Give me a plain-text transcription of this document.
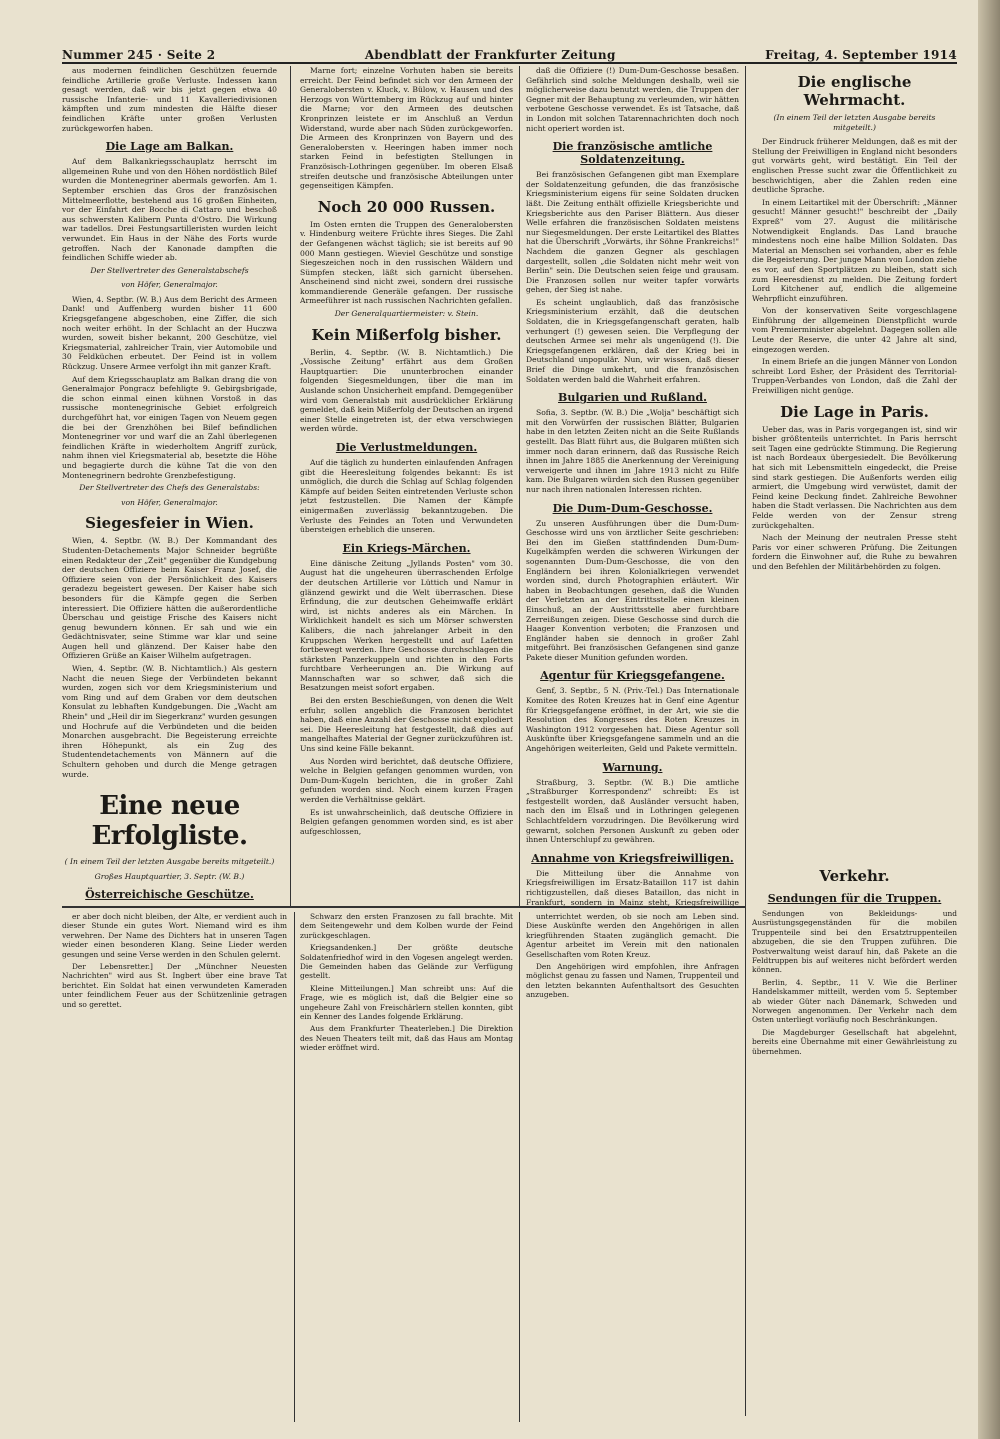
Nummer 245 · Seite 2	Abendblatt der Frankfurter Zeitung	Freitag, 4. September 1914

aus modernen feindlichen Geschützen feuernde feindliche Artillerie große Verluste. Indessen kann gesagt werden, daß wir bis jetzt gegen etwa 40 russische Infanterie- und 11 Kavalleriedivisionen kämpften und zum mindesten die Hälfte dieser feindlichen Kräfte unter großen Verlusten zurückgeworfen haben.

Die Lage am Balkan.

Auf dem Balkankriegsschauplatz herrscht im allgemeinen Ruhe und von den Höhen nordöstlich Bilef wurden die Montenegriner abermals geworfen. Am 1. September erschien das Gros der französischen Mittelmeerflotte, bestehend aus 16 großen Einheiten, vor der Einfahrt der Bocche di Cattaro und beschoß aus schwersten Kalibern Punta d'Ostro. Die Wirkung war tadellos. Drei Festungsartilleristen wurden leicht verwundet. Ein Haus in der Nähe des Forts wurde getroffen. Nach der Kanonade dampften die feindlichen Schiffe wieder ab.

Der Stellvertreter des Generalstabschefs
von Höfer, Generalmajor.

Wien, 4. Septbr. (W. B.) Aus dem Bericht des Armeen Dank! und Auffenberg wurden bisher 11 600 Kriegsgefangene abgeschoben, eine Ziffer, die sich noch weiter erhöht. In der Schlacht an der Huczwa wurden, soweit bisher bekannt, 200 Geschütze, viel Kriegsmaterial, zahlreicher Train, vier Automobile und 30 Feldküchen erbeutet. Der Feind ist in vollem Rückzug. Unsere Armee verfolgt ihn mit ganzer Kraft.

Auf dem Kriegsschauplatz am Balkan drang die von Generalmajor Pongracz befehligte 9. Gebirgsbrigade, die schon einmal einen kühnen Vorstoß in das russische montenegrinische Gebiet erfolgreich durchgeführt hat, vor einigen Tagen von Neuem gegen die bei der Grenzhöhen bei Bilef befindlichen Montenegriner vor und warf die an Zahl überlegenen feindlichen Kräfte in wiederholtem Angriff zurück, nahm ihnen viel Kriegsmaterial ab, besetzte die Höhe und begagierte durch die kühne Tat die von den Montenegrinern bedrohte Grenzbefestigung.

Der Stellvertreter des Chefs des Generalstabs:
von Höfer, Generalmajor.
Siegesfeier in Wien.

Wien, 4. Septbr. (W. B.) Der Kommandant des Studenten-Detachements Major Schneider begrüßte einen Redakteur der „Zeit" gegenüber die Kundgebung der deutschen Offiziere beim Kaiser Franz Josef, die Offiziere seien von der Persönlichkeit des Kaisers geradezu begeistert gewesen. Der Kaiser habe sich besonders für die Kämpfe gegen die Serben interessiert. Die Offiziere hätten die außerordentliche Überschau und geistige Frische des Kaisers nicht genug bewundern können. Er sah und wie ein Gedächtnisvater, seine Stimme war klar und seine Augen hell und glänzend. Der Kaiser habe den Offizieren Grüße an Kaiser Wilhelm aufgetragen.

Wien, 4. Septbr. (W. B. Nichtamtlich.) Als gestern Nacht die neuen Siege der Verbündeten bekannt wurden, zogen sich vor dem Kriegsministerium und vom Ring und auf dem Graben vor dem deutschen Konsulat zu lebhaften Kundgebungen. Die „Wacht am Rhein" und „Heil dir im Siegerkranz" wurden gesungen und Hochrufe auf die Verbündeten und die beiden Monarchen ausgebracht. Die Begeisterung erreichte ihren Höhepunkt, als ein Zug des Studentendetachements von Männern auf die Schultern gehoben und durch die Menge getragen wurde.

Eine neue Erfolgliste.
( In einem Teil der letzten Ausgabe bereits mitgeteilt.)
Großes Hauptquartier, 3. Septr. (W. B.)
Österreichische Geschütze.

Marne fort; einzelne Vorhuten haben sie bereits erreicht. Der Feind befindet sich vor den Armeen der Generalobersten v. Kluck, v. Bülow, v. Hausen und des Herzogs von Württemberg im Rückzug auf und hinter die Marne; vor den Armeen des deutschen Kronprinzen leistete er im Anschluß an Verdun Widerstand, wurde aber nach Süden zurückgeworfen. Die Armeen des Kronprinzen von Bayern und des Generalobersten v. Heeringen haben immer noch starken Feind in befestigten Stellungen in Französisch-Lothringen gegenüber. Im oberen Elsaß streifen deutsche und französische Abteilungen unter gegenseitigen Kämpfen.

Noch 20 000 Russen.

Im Osten ernten die Truppen des Generalobersten v. Hindenburg weitere Früchte ihres Sieges. Die Zahl der Gefangenen wächst täglich; sie ist bereits auf 90 000 Mann gestiegen. Wieviel Geschütze und sonstige Siegeszeichen noch in den russischen Wäldern und Sümpfen stecken, läßt sich garnicht übersehen. Anscheinend sind nicht zwei, sondern drei russische kommandierende Generäle gefangen. Der russische Armeeführer ist nach russischen Nachrichten gefallen.

Der Generalquartiermeister: v. Stein.
Kein Mißerfolg bisher.

Berlin, 4. Septbr. (W. B. Nichtamtlich.) Die „Vossische Zeitung" erfährt aus dem Großen Hauptquartier: Die ununterbrochen einander folgenden Siegesmeldungen, über die man im Auslande schon Unsicherheit empfand. Demgegenüber wird vom Generalstab mit ausdrücklicher Erklärung gemeldet, daß kein Mißerfolg der Deutschen an irgend einer Stelle eingetreten ist, der etwa verschwiegen werden würde.

Die Verlustmeldungen.

Auf die täglich zu hunderten einlaufenden Anfragen gibt die Heeresleitung folgendes bekannt: Es ist unmöglich, die durch die Schlag auf Schlag folgenden Kämpfe auf beiden Seiten eintretenden Verluste schon jetzt festzustellen. Die Namen der Kämpfe einigermaßen zuverlässig bekanntzugeben. Die Verluste des Feindes an Toten und Verwundeten übersteigen erheblich die unseren.

Ein Kriegs-Märchen.

Eine dänische Zeitung „Jyllands Posten" vom 30. August hat die ungeheuren überraschenden Erfolge der deutschen Artillerie vor Lüttich und Namur in glänzend gewirkt und die Welt überraschen. Diese Erfindung, die zur deutschen Geheimwaffe erklärt wird, ist nichts anderes als ein Märchen. In Wirklichkeit handelt es sich um Mörser schwersten Kalibers, die nach jahrelanger Arbeit in den Kruppschen Werken hergestellt und auf Lafetten fortbewegt werden. Ihre Geschosse durchschlagen die stärksten Panzerkuppeln und richten in den Forts furchtbare Verheerungen an. Die Wirkung auf Mannschaften war so schwer, daß sich die Besatzungen meist sofort ergaben.

Bei den ersten Beschießungen, von denen die Welt erfuhr, sollen angeblich die Franzosen berichtet haben, daß eine Anzahl der Geschosse nicht explodiert sei. Die Heeresleitung hat festgestellt, daß dies auf mangelhaftes Material der Gegner zurückzuführen ist. Uns sind keine Fälle bekannt.

Aus Norden wird berichtet, daß deutsche Offiziere, welche in Belgien gefangen genommen wurden, von Dum-Dum-Kugeln berichten, die in großer Zahl gefunden worden sind. Noch einem kurzen Fragen werden die Verhältnisse geklärt.

Es ist unwahrscheinlich, daß deutsche Offiziere in Belgien gefangen genommen worden sind, es ist aber aufgeschlossen,

daß die Offiziere (!) Dum-Dum-Geschosse besaßen. Gefährlich sind solche Meldungen deshalb, weil sie möglicherweise dazu benutzt werden, die Truppen der Gegner mit der Behauptung zu verleumden, wir hätten verbotene Geschosse verwendet. Es ist Tatsache, daß in London mit solchen Tatarennachrichten doch noch nicht operiert worden ist.

Die französische amtliche Soldatenzeitung.

Bei französischen Gefangenen gibt man Exemplare der Soldatenzeitung gefunden, die das französische Kriegsministerium eigens für seine Soldaten drucken läßt. Die Zeitung enthält offizielle Kriegsberichte und Kriegsberichte aus den Pariser Blättern. Aus dieser Welle erfahren die französischen Soldaten meistens nur Siegesmeldungen. Der erste Leitartikel des Blattes hat die Überschrift „Vorwärts, ihr Söhne Frankreichs!" Nachdem die ganzen Gegner als geschlagen dargestellt, sollen „die Soldaten nicht mehr weit von Berlin" sein. Die Deutschen seien feige und grausam. Die Franzosen sollen nur weiter tapfer vorwärts gehen, der Sieg ist nahe.

Es scheint unglaublich, daß das französische Kriegsministerium erzählt, daß die deutschen Soldaten, die in Kriegsgefangenschaft geraten, halb verhungert (!) gewesen seien. Die Verpflegung der deutschen Armee sei mehr als ungenügend (!). Die Kriegsgefangenen erklären, daß der Krieg bei in Deutschland unpopulär. Nun, wir wissen, daß dieser Brief die Dinge umkehrt, und die französischen Soldaten werden bald die Wahrheit erfahren.

Bulgarien und Rußland.

Sofia, 3. Septbr. (W. B.) Die „Wolja" beschäftigt sich mit den Vorwürfen der russischen Blätter, Bulgarien habe in den letzten Zeiten nicht an die Seite Rußlands gestellt. Das Blatt führt aus, die Bulgaren müßten sich immer noch daran erinnern, daß das Russische Reich ihnen im Jahre 1885 die Anerkennung der Vereinigung verweigerte und ihnen im Jahre 1913 nicht zu Hilfe kam. Die Bulgaren würden sich den Russen gegenüber nur nach ihren nationalen Interessen richten.

Die Dum-Dum-Geschosse.

Zu unseren Ausführungen über die Dum-Dum-Geschosse wird uns von ärztlicher Seite geschrieben: Bei den im Gießen stattfindenden Dum-Dum-Kugelkämpfen werden die schweren Wirkungen der sogenannten Dum-Dum-Geschosse, die von den Engländern bei ihren Kolonialkriegen verwendet worden sind, durch Photographien erläutert. Wir haben in Beobachtungen gesehen, daß die Wunden der Verletzten an der Eintrittsstelle einen kleinen Einschuß, an der Austrittsstelle aber furchtbare Zerreißungen zeigen. Diese Geschosse sind durch die Haager Konvention verboten; die Franzosen und Engländer haben sie dennoch in großer Zahl mitgeführt. Bei französischen Gefangenen sind ganze Pakete dieser Munition gefunden worden.

Agentur für Kriegsgefangene.

Genf, 3. Septbr., 5 N. (Priv.-Tel.) Das Internationale Komitee des Roten Kreuzes hat in Genf eine Agentur für Kriegsgefangene eröffnet, in der Art, wie sie die Resolution des Kongresses des Roten Kreuzes in Washington 1912 vorgesehen hat. Diese Agentur soll Auskünfte über Kriegsgefangene sammeln und an die Angehörigen weiterleiten, Geld und Pakete vermitteln.

Warnung.

Straßburg, 3. Septbr. (W. B.) Die amtliche „Straßburger Korrespondenz" schreibt: Es ist festgestellt worden, daß Ausländer versucht haben, nach den im Elsaß und in Lothringen gelegenen Schlachtfeldern vorzudringen. Die Bevölkerung wird gewarnt, solchen Personen Auskunft zu geben oder ihnen Unterschlupf zu gewähren.

Annahme von Kriegsfreiwilligen.

Die Mitteilung über die Annahme von Kriegsfreiwilligen im Ersatz-Bataillon 117 ist dahin richtigzustellen, daß dieses Bataillon, das nicht in Frankfurt, sondern in Mainz steht, Kriegsfreiwillige

Die englische Wehrmacht.
(In einem Teil der letzten Ausgabe bereits mitgeteilt.)

Der Eindruck früherer Meldungen, daß es mit der Stellung der Freiwilligen in England nicht besonders gut vorwärts geht, wird bestätigt. Ein Teil der englischen Presse sucht zwar die Öffentlichkeit zu beschwichtigen, aber die Zahlen reden eine deutliche Sprache.

In einem Leitartikel mit der Überschrift: „Männer gesucht! Männer gesucht!" beschreibt der „Daily Expreß" vom 27. August die militärische Notwendigkeit Englands. Das Land brauche mindestens noch eine halbe Million Soldaten. Das Material an Menschen sei vorhanden, aber es fehle die Begeisterung. Der junge Mann von London ziehe es vor, auf den Sportplätzen zu bleiben, statt sich zum Heeresdienst zu melden. Die Zeitung fordert Lord Kitchener auf, endlich die allgemeine Wehrpflicht einzuführen.

Von der konservativen Seite vorgeschlagene Einführung der allgemeinen Dienstpflicht wurde vom Premierminister abgelehnt. Dagegen sollen alle Leute der Reserve, die unter 42 Jahre alt sind, eingezogen werden.

In einem Briefe an die jungen Männer von London schreibt Lord Esher, der Präsident des Territorial-Truppen-Verbandes von London, daß die Zahl der Freiwilligen nicht genüge.

Die Lage in Paris.

Ueber das, was in Paris vorgegangen ist, sind wir bisher größtenteils unterrichtet. In Paris herrscht seit Tagen eine gedrückte Stimmung. Die Regierung ist nach Bordeaux übergesiedelt. Die Bevölkerung hat sich mit Lebensmitteln eingedeckt, die Preise sind stark gestiegen. Die Außenforts werden eilig armiert, die Umgebung wird verwüstet, damit der Feind keine Deckung findet. Zahlreiche Bewohner haben die Stadt verlassen. Die Nachrichten aus dem Felde werden von der Zensur streng zurückgehalten.

Nach der Meinung der neutralen Presse steht Paris vor einer schweren Prüfung. Die Zeitungen fordern die Einwohner auf, die Ruhe zu bewahren und den Befehlen der Militärbehörden zu folgen.

er aber doch nicht bleiben, der Alte, er verdient auch in dieser Stunde ein gutes Wort. Niemand wird es ihm verwehren. Der Name des Dichters hat in unseren Tagen wieder einen besonderen Klang. Seine Lieder werden gesungen und seine Verse werden in den Schulen gelernt.

Der Lebensretter.] Der „Münchner Neuesten Nachrichten" wird aus St. Ingbert über eine brave Tat berichtet. Ein Soldat hat einen verwundeten Kameraden unter feindlichem Feuer aus der Schützenlinie getragen und so gerettet.

Schwarz den ersten Franzosen zu fall brachte. Mit dem Seitengewehr und dem Kolben wurde der Feind zurückgeschlagen.

Kriegsandenken.] Der größte deutsche Soldatenfriedhof wird in den Vogesen angelegt werden. Die Gemeinden haben das Gelände zur Verfügung gestellt.

Kleine Mitteilungen.] Man schreibt uns: Auf die Frage, wie es möglich ist, daß die Belgier eine so ungeheure Zahl von Freischärlern stellen konnten, gibt ein Kenner des Landes folgende Erklärung.

Aus dem Frankfurter Theaterleben.] Die Direktion des Neuen Theaters teilt mit, daß das Haus am Montag wieder eröffnet wird.

unterrichtet werden, ob sie noch am Leben sind. Diese Auskünfte werden den Angehörigen in allen kriegführenden Staaten zugänglich gemacht. Die Agentur arbeitet im Verein mit den nationalen Gesellschaften vom Roten Kreuz.

Den Angehörigen wird empfohlen, ihre Anfragen möglichst genau zu fassen und Namen, Truppenteil und den letzten bekannten Aufenthaltsort des Gesuchten anzugeben.

Verkehr.
Sendungen für die Truppen.

Sendungen von Bekleidungs- und Ausrüstungsgegenständen für die mobilen Truppenteile sind bei den Ersatztruppenteilen abzugeben, die sie den Truppen zuführen. Die Postverwaltung weist darauf hin, daß Pakete an die Feldtruppen bis auf weiteres nicht befördert werden können.

Berlin, 4. Septbr., 11 V. Wie die Berliner Handelskammer mitteilt, werden vom 5. September ab wieder Güter nach Dänemark, Schweden und Norwegen angenommen. Der Verkehr nach dem Osten unterliegt vorläufig noch Beschränkungen.

Die Magdeburger Gesellschaft hat abgelehnt, bereits eine Übernahme mit einer Gewährleistung zu übernehmen.
